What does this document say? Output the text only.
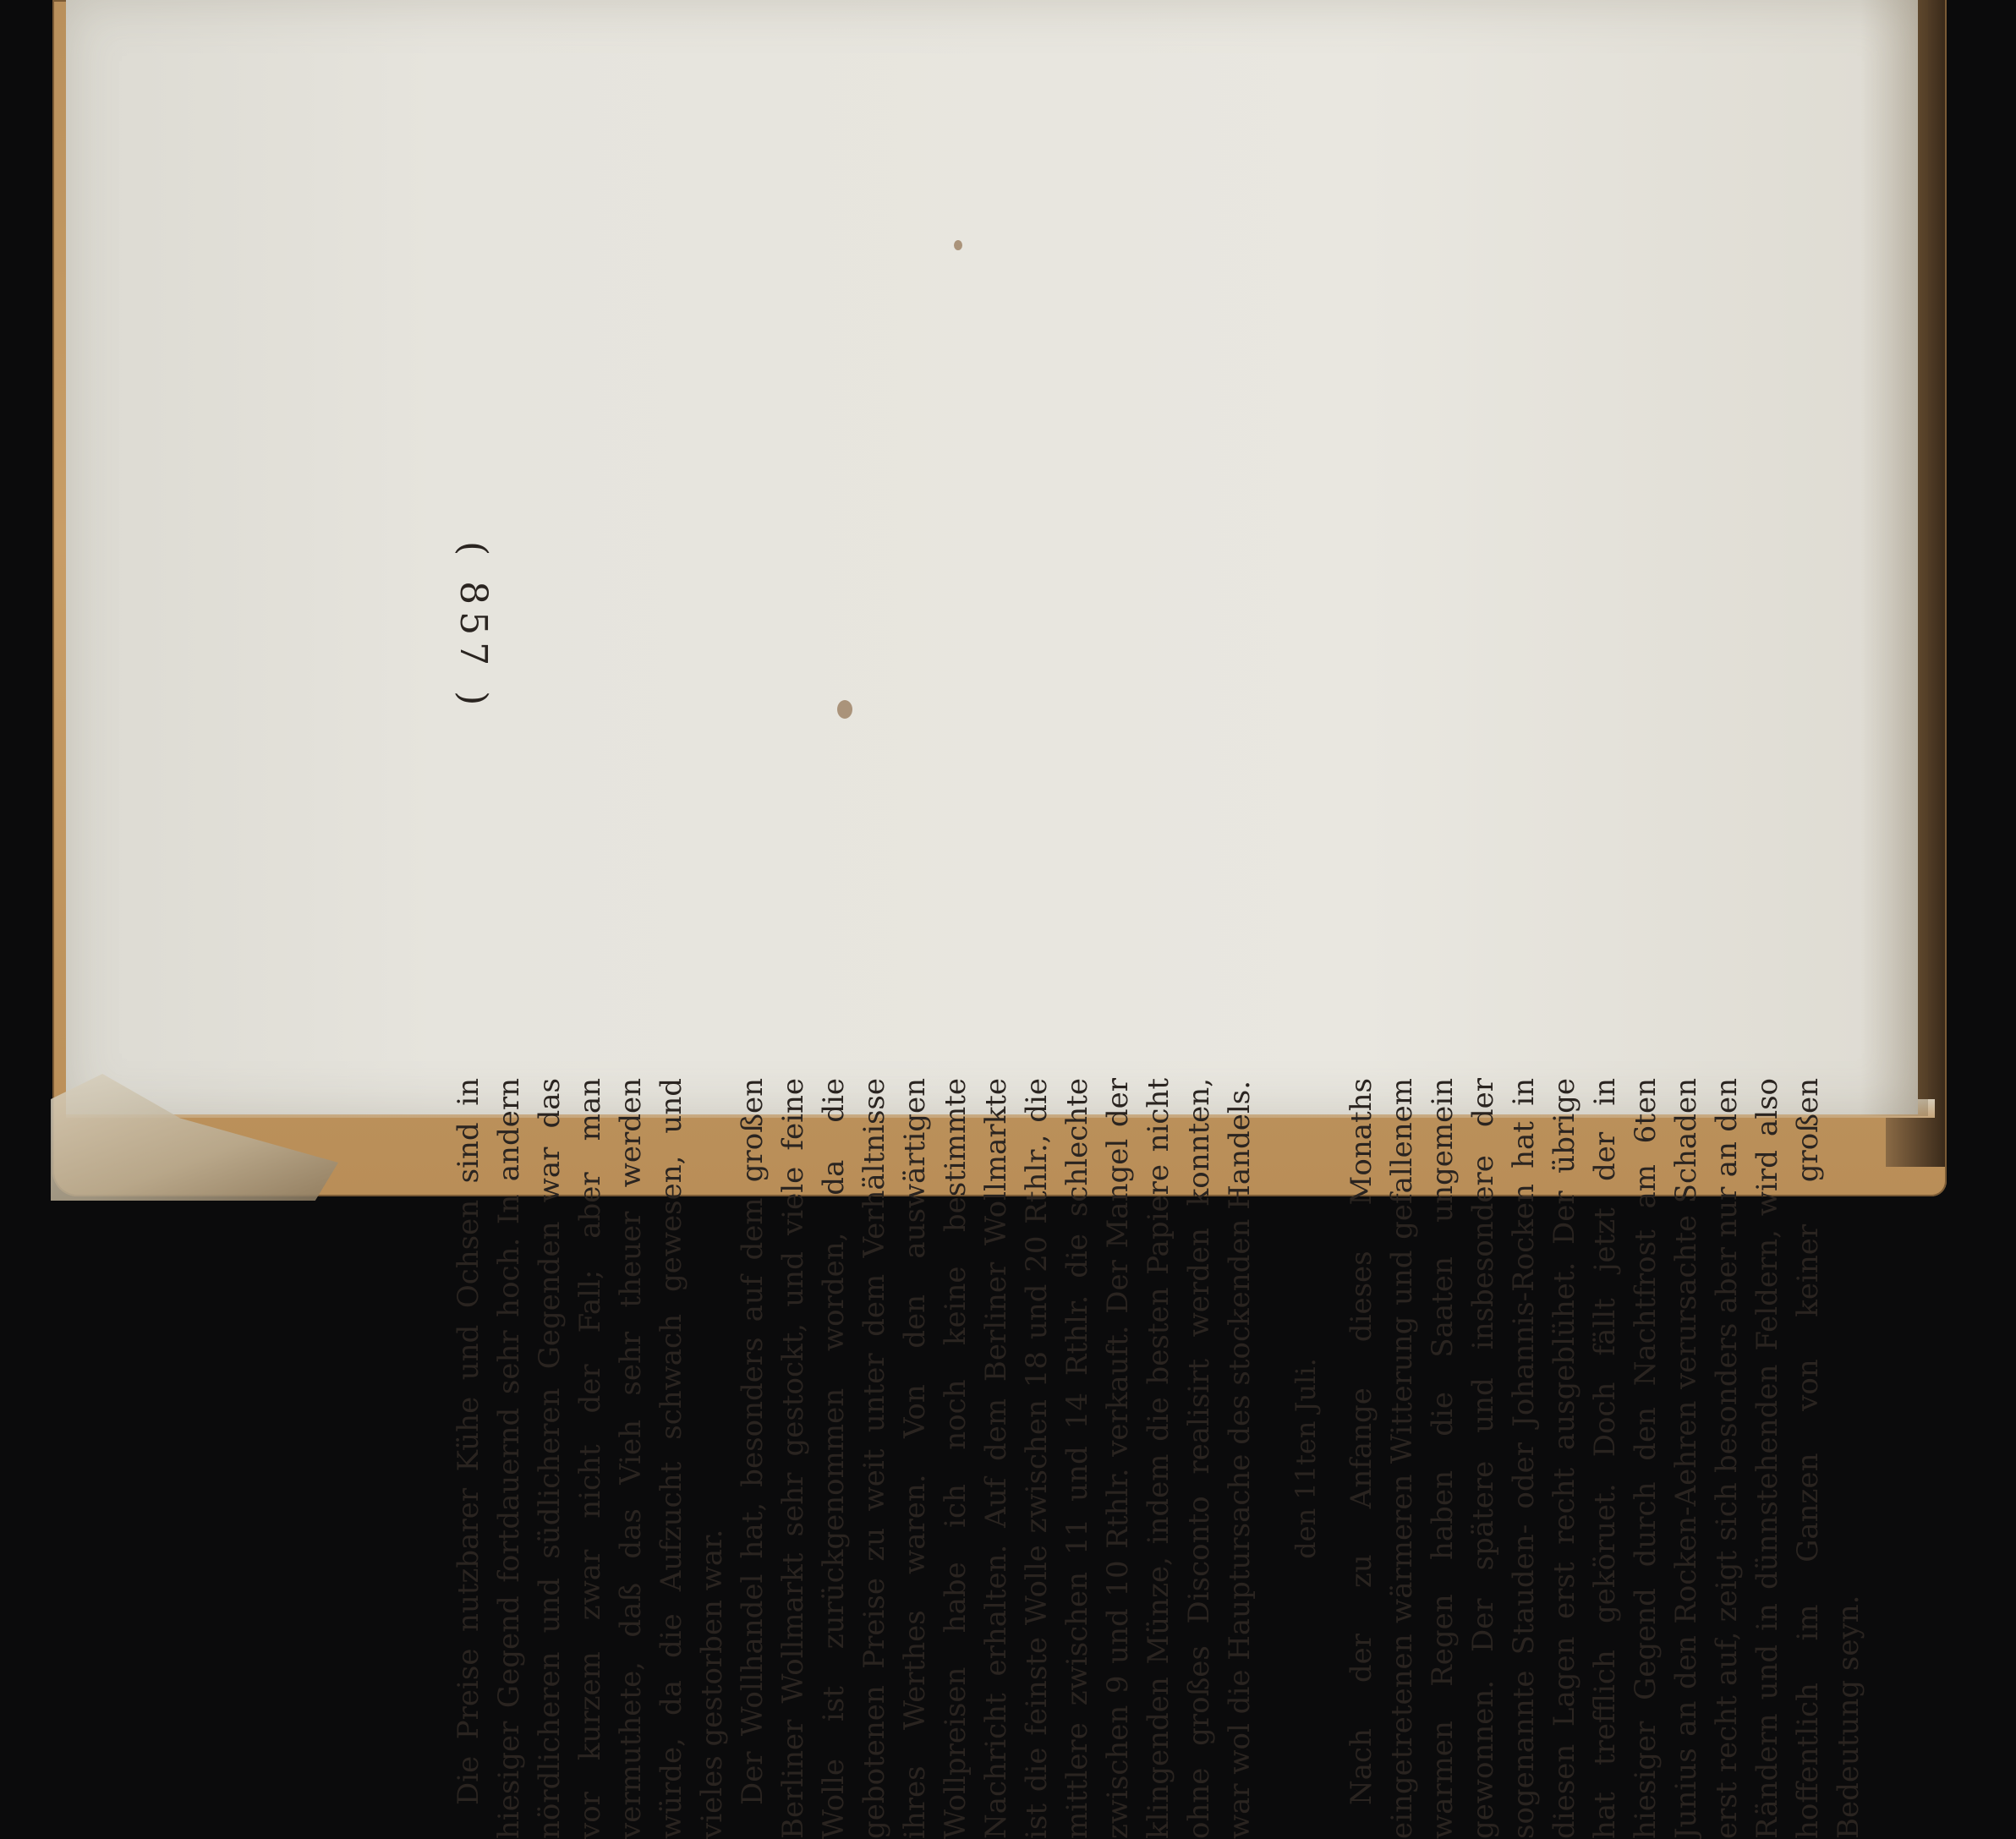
Die Preise nutzbarer Kühe und Ochsen sind in hiesiger Gegend fortdauernd sehr hoch. In andern nördlicheren und südlicheren Gegenden war das vor kurzem zwar nicht der Fall; aber man vermuthete, daß das Vieh sehr theuer werden würde, da die Aufzucht schwach gewesen, und vieles gestorben war. Der Wollhandel hat, besonders auf dem großen Berliner Wollmarkt sehr gestockt, und viele feine Wolle ist zurückgenommen worden, da die gebotenen Preise zu weit unter dem Verhältnisse ihres Werthes waren. Von den auswärtigen Wollpreisen habe ich noch keine bestimmte Nachricht erhalten. Auf dem Berliner Wollmarkte ist die feinste Wolle zwischen 18 und 20 Rthlr., die mittlere zwischen 11 und 14 Rthlr. die schlechte zwischen 9 und 10 Rthlr. verkauft. Der Mangel der klingenden Münze, indem die besten Papiere nicht ohne großes Disconto realisirt werden konnten, war wol die Hauptursache des stockenden Handels. den 11ten Juli. Nach der zu Anfange dieses Monaths eingetretenen wärmeren Witterung und gefallenem warmen Regen haben die Saaten ungemein gewonnen. Der spätere und insbesondere der sogenannte Stauden- oder Johannis-Rocken hat in diesen Lagen erst recht ausgeblühet. Der übrige hat trefflich geköruet. Doch fällt jetzt der in hiesiger Gegend durch den Nachtfrost am 6ten Junius an den Rocken-Aehren verursachte Schaden erst recht auf, zeigt sich besonders aber nur an den Rändern und in dünnstehenden Feldern, wird also hoffentlich im Ganzen von keiner großen Bedeutung seyn.

( 857 )
